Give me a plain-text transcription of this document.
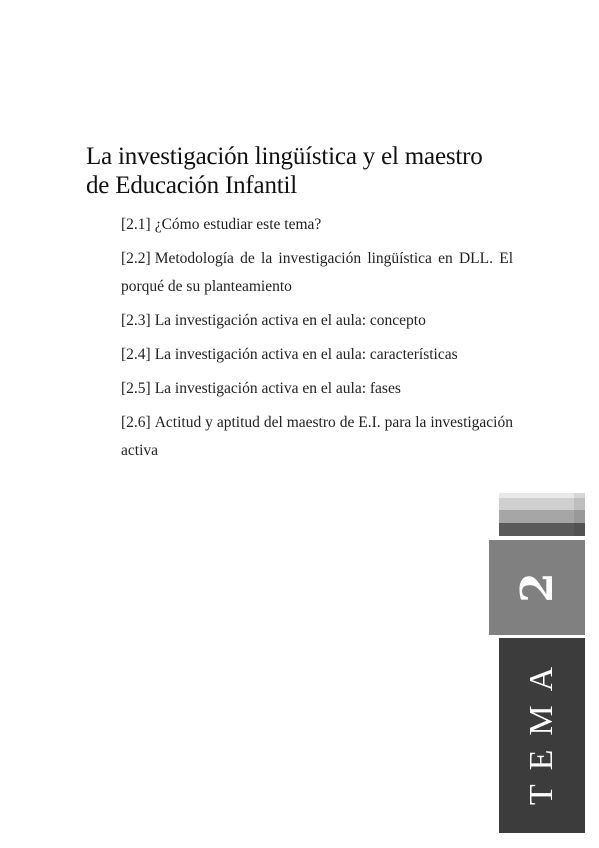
La investigación lingüística y el maestro
de Educación Infantil
[2.1] ¿Cómo estudiar este tema?
[2.2] Metodología de la investigación lingüística en DLL. El porqué de su planteamiento
[2.3] La investigación activa en el aula: concepto
[2.4] La investigación activa en el aula: características
[2.5] La investigación activa en el aula: fases
[2.6] Actitud y aptitud del maestro de E.I. para la investigación activa
2
TEMA
